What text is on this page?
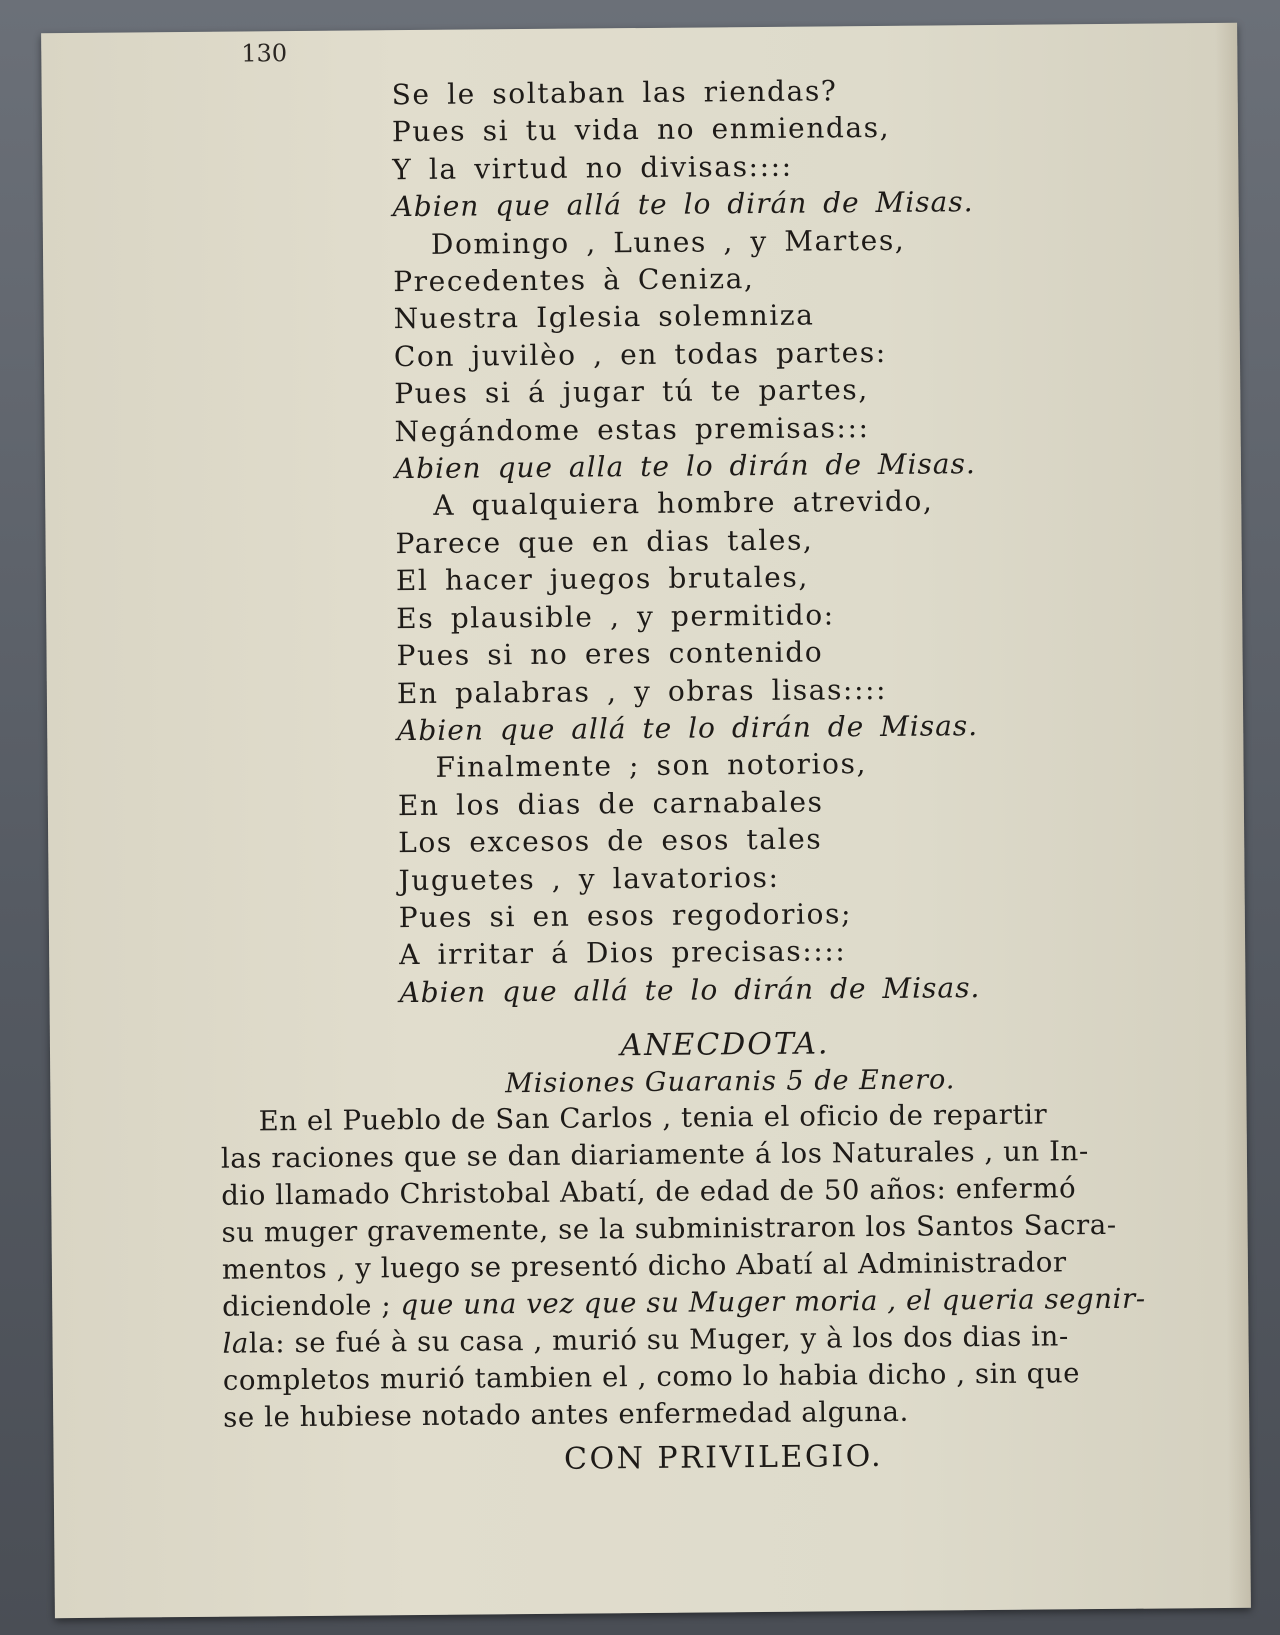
130
Se le soltaban las riendas?
Pues si tu vida no enmiendas,
Y la virtud no divisas::::
Abien que allá te lo dirán de Misas.
Domingo , Lunes , y Martes,
Precedentes à Ceniza,
Nuestra Iglesia solemniza
Con juvilèo , en todas partes:
Pues si á jugar tú te partes,
Negándome estas premisas:::
Abien que alla te lo dirán de Misas.
A qualquiera hombre atrevido,
Parece que en dias tales,
El hacer juegos brutales,
Es plausible , y permitido:
Pues si no eres contenido
En palabras , y obras lisas::::
Abien que allá te lo dirán de Misas.
Finalmente ; son notorios,
En los dias de carnabales
Los excesos de esos tales
Juguetes , y lavatorios:
Pues si en esos regodorios;
A irritar á Dios precisas::::
Abien que allá te lo dirán de Misas.
ANECDOTA.
Misiones Guaranis 5 de Enero.
En el Pueblo de San Carlos , tenia el oficio de repartir
las raciones que se dan diariamente á los Naturales , un In-
dio llamado Christobal Abatí, de edad de 50 años: enfermó
su muger gravemente, se la subministraron los Santos Sacra-
mentos , y luego se presentó dicho Abatí al Administrador
diciendole ; que una vez que su Muger moria , el queria segnir-
lala: se fué à su casa , murió su Muger, y à los dos dias in-
completos murió tambien el , como lo habia dicho , sin que
se le hubiese notado antes enfermedad alguna.
CON PRIVILEGIO.
